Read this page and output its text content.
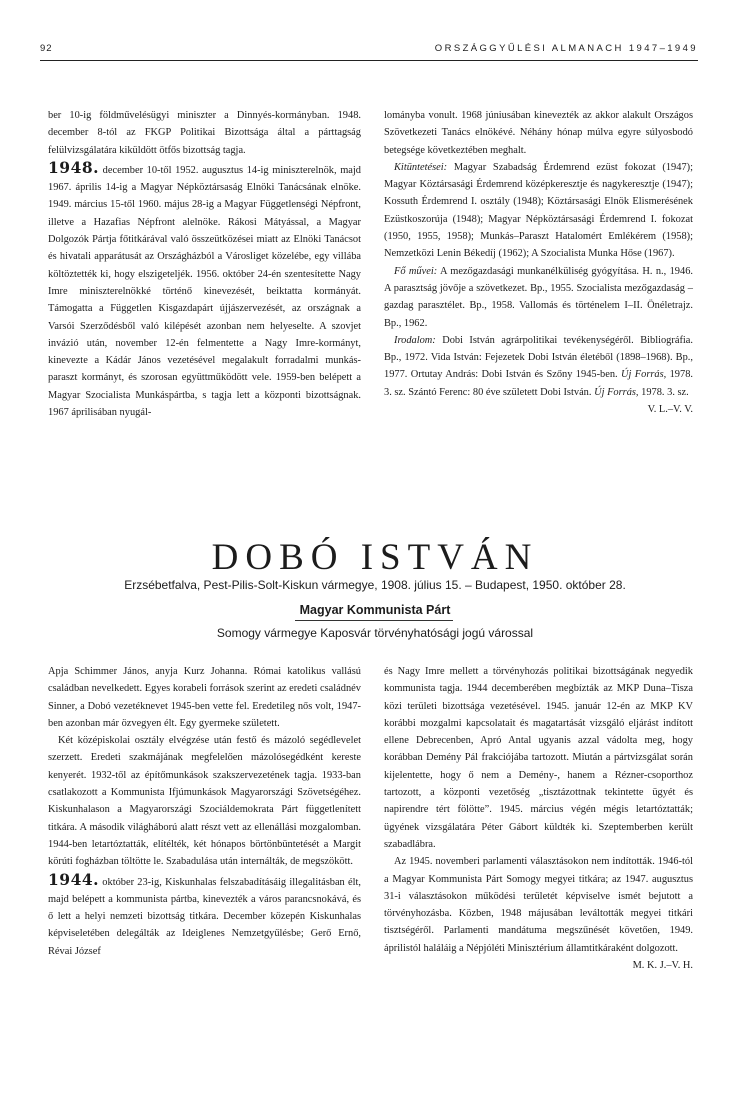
92	ORSZÁGGYŰLÉSI ALMANACH 1947–1949

ber 10-ig földművelésügyi miniszter a Dinnyés-kormányban. 1948. december 8-tól az FKGP Politikai Bizottsága által a párttagság felülvizsgálatára kiküldött ötfős bizottság tagja.

1948. december 10-től 1952. augusztus 14-ig miniszterelnök, majd 1967. április 14-ig a Magyar Népköztársaság Elnöki Tanácsának elnöke. 1949. március 15-től 1960. május 28-ig a Magyar Függetlenségi Népfront, illetve a Hazafias Népfront alelnöke. Rákosi Mátyással, a Magyar Dolgozók Pártja főtitkárával való összeütközései miatt az Elnöki Tanácsot és hivatali apparátusát az Országházból a Városliget közelébe, egy villába költöztették ki, hogy elszigeteljék. 1956. október 24-én szentesítette Nagy Imre miniszterelnökké történő kinevezését, beiktatta kormányát. Támogatta a Független Kisgazdapárt újjászervezését, az országnak a Varsói Szerződésből való kilépését azonban nem helyeselte. A szovjet invázió után, november 12-én felmentette a Nagy Imre-kormányt, kinevezte a Kádár János vezetésével megalakult forradalmi munkás-paraszt kormányt, és szorosan együttműködött vele. 1959-ben belépett a Magyar Szocialista Munkáspártba, s tagja lett a központi bizottságnak. 1967 áprilisában nyugál-

lományba vonult. 1968 júniusában kinevezték az akkor alakult Országos Szövetkezeti Tanács elnökévé. Néhány hónap múlva egyre súlyosbodó betegsége következtében meghalt.

Kitüntetései: Magyar Szabadság Érdemrend ezüst fokozat (1947); Magyar Köztársasági Érdemrend középkeresztje és nagykeresztje (1947); Kossuth Érdemrend I. osztály (1948); Köztársasági Elnök Elismerésének Ezüstkoszorúja (1948); Magyar Népköztársasági Érdemrend I. fokozat (1950, 1955, 1958); Munkás–Paraszt Hatalomért Emlékérem (1958); Nemzetközi Lenin Békedíj (1962); A Szocialista Munka Hőse (1967).

Fő művei: A mezőgazdasági munkanélküliség gyógyítása. H. n., 1946. A parasztság jövője a szövetkezet. Bp., 1955. Szocialista mezőgazdaság – gazdag parasztélet. Bp., 1958. Vallomás és történelem I–II. Önéletrajz. Bp., 1962.

Irodalom: Dobi István agrárpolitikai tevékenységéről. Bibliográfia. Bp., 1972. Vida István: Fejezetek Dobi István életéből (1898–1968). Bp., 1977. Ortutay András: Dobi István és Szőny 1945-ben. Új Forrás, 1978. 3. sz. Szántó Ferenc: 80 éve született Dobi István. Új Forrás, 1978. 3. sz.

V. L.–V. V.

DOBÓ ISTVÁN
Erzsébetfalva, Pest-Pilis-Solt-Kiskun vármegye, 1908. július 15. – Budapest, 1950. október 28.
Magyar Kommunista Párt
Somogy vármegye Kaposvár törvényhatósági jogú várossal

Apja Schimmer János, anyja Kurz Johanna. Római katolikus vallású családban nevelkedett. Egyes korabeli források szerint az eredeti családnév Sinner, a Dobó vezetéknevet 1945-ben vette fel. Eredetileg nős volt, 1947-ben azonban már özvegyen élt. Egy gyermeke született.

Két középiskolai osztály elvégzése után festő és mázoló segédlevelet szerzett. Eredeti szakmájának megfelelően mázolósegédként kereste kenyerét. 1932-től az építőmunkások szakszervezetének tagja. 1933-ban csatlakozott a Kommunista Ifjúmunkások Magyarországi Szövetségéhez. Kiskunhalason a Magyarországi Szociáldemokrata Párt függetlenített titkára. A második világháború alatt részt vett az ellenállási mozgalomban. 1944-ben letartóztatták, elítélték, két hónapos börtönbüntetését a Margit körúti fogházban töltötte le. Szabadulása után internálták, de megszökött.

1944. október 23-ig, Kiskunhalas felszabadításáig illegalitásban élt, majd belépett a kommunista pártba, kinevezték a város parancsnokává, és ő lett a helyi nemzeti bizottság titkára. December közepén Kiskunhalas képviseletében delegálták az Ideiglenes Nemzetgyűlésbe; Gerő Ernő, Révai József

és Nagy Imre mellett a törvényhozás politikai bizottságának negyedik kommunista tagja. 1944 decemberében megbízták az MKP Duna–Tisza közi területi bizottsága vezetésével. 1945. január 12-én az MKP KV korábbi mozgalmi kapcsolatait és magatartását vizsgáló eljárást indított ellene Debrecenben, Apró Antal ugyanis azzal vádolta meg, hogy korábban Demény Pál frakciójába tartozott. Miután a pártvizsgálat során kijelentette, hogy ő nem a Demény-, hanem a Rézner-csoporthoz tartozott, a központi vezetőség „tisztázottnak tekintette ügyét és napirendre tért fölötte”. 1945. március végén mégis letartóztatták; ügyének vizsgálatára Péter Gábort küldték ki. Szeptemberben került szabadlábra.

Az 1945. novemberi parlamenti választásokon nem indították. 1946-tól a Magyar Kommunista Párt Somogy megyei titkára; az 1947. augusztus 31-i választásokon működési területét képviselve ismét bejutott a törvényhozásba. Közben, 1948 májusában leváltották megyei titkári tisztségéről. Parlamenti mandátuma megszűnését követően, 1949. áprilistól haláláig a Népjóléti Minisztérium államtitkáraként dolgozott.

M. K. J.–V. H.
